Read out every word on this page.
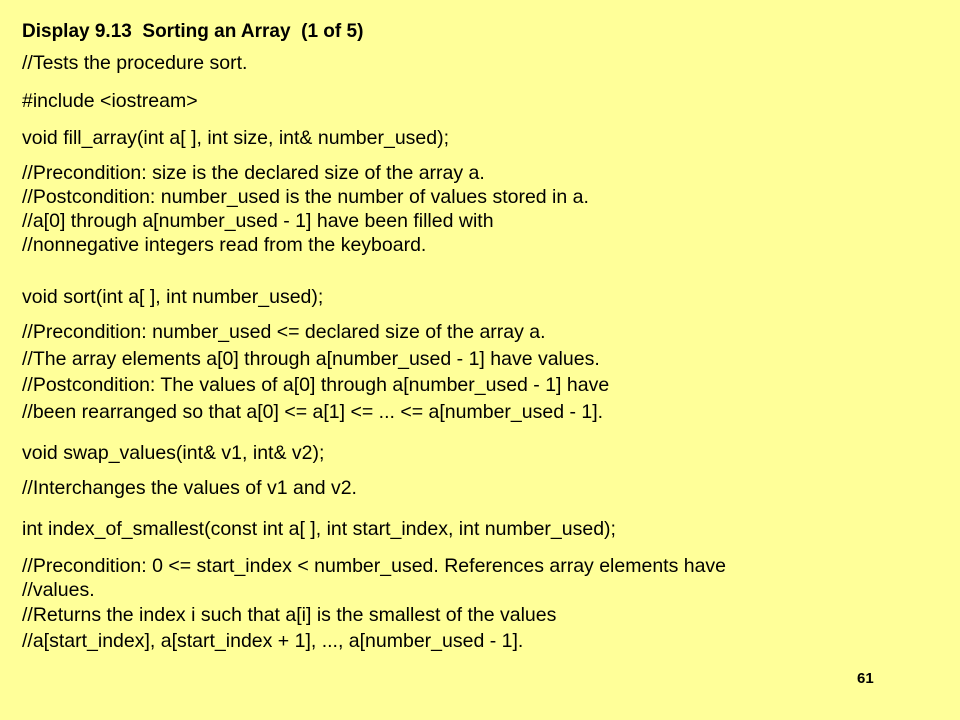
Display 9.13  Sorting an Array  (1 of 5)
//Tests the procedure sort.
#include <iostream>
void fill_array(int a[ ], int size, int& number_used);
//Precondition: size is the declared size of the array a.
//Postcondition: number_used is the number of values stored in a.
//a[0] through a[number_used - 1] have been filled with
//nonnegative integers read from the keyboard.
void sort(int a[ ], int number_used);
//Precondition: number_used <= declared size of the array a.
//The array elements a[0] through a[number_used - 1] have values.
//Postcondition: The values of a[0] through a[number_used - 1] have
//been rearranged so that a[0] <= a[1] <= ... <= a[number_used - 1].
void swap_values(int& v1, int& v2);
//Interchanges the values of v1 and v2.
int index_of_smallest(const int a[ ], int start_index, int number_used);
//Precondition: 0 <= start_index < number_used. References array elements have
//values.
//Returns the index i such that a[i] is the smallest of the values
//a[start_index], a[start_index + 1], ..., a[number_used - 1].
61
